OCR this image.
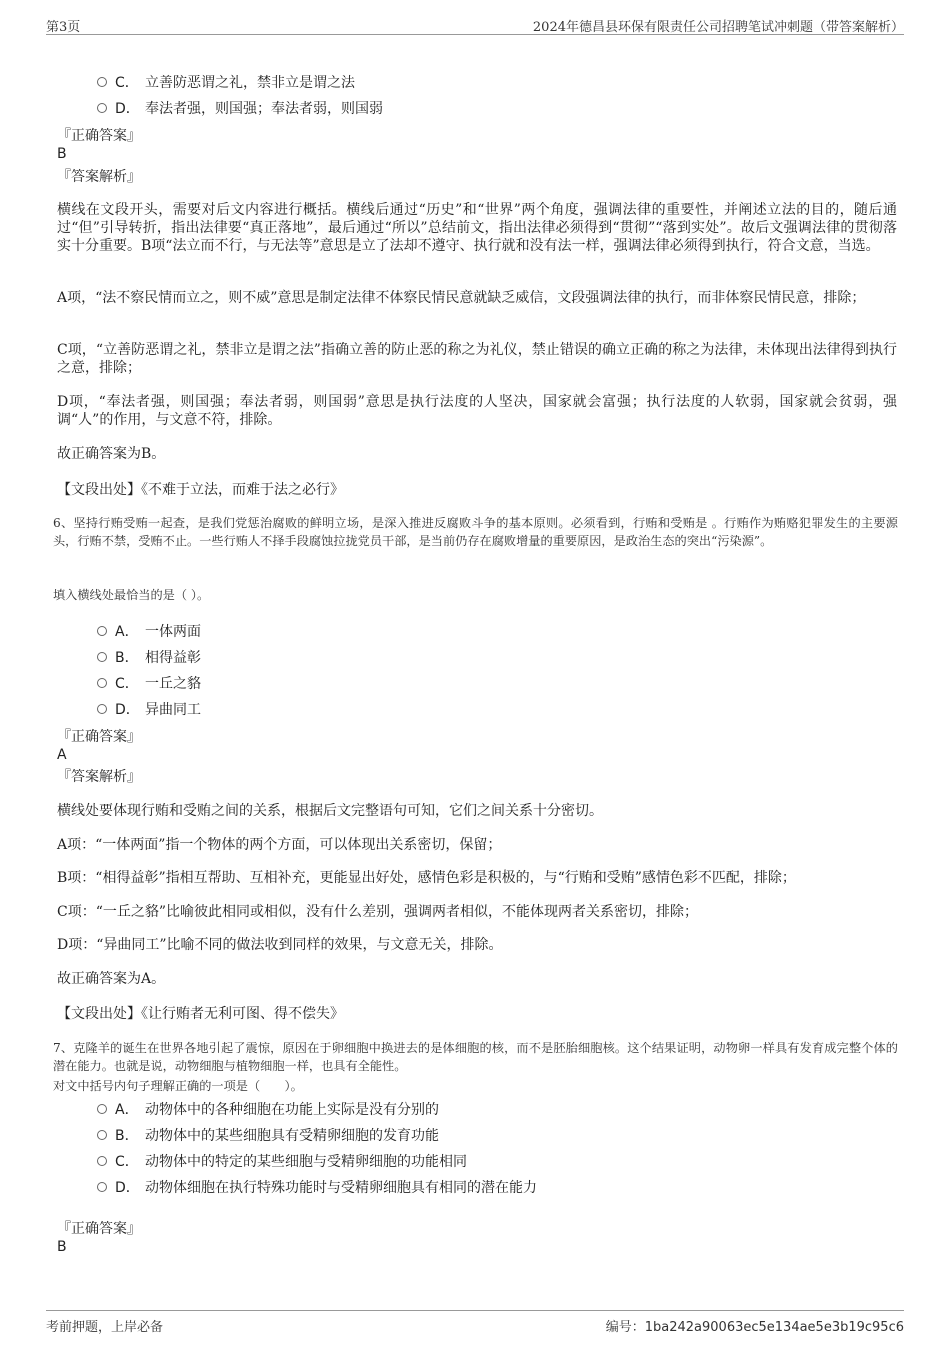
第3页	2024年德昌县环保有限责任公司招聘笔试冲刺题（带答案解析）
C． 立善防恶谓之礼，禁非立是谓之法
D． 奉法者强，则国强；奉法者弱，则国弱
『正确答案』
B
『答案解析』
横线在文段开头，需要对后文内容进行概括。横线后通过“历史”和“世界”两个角度，强调法律的重要性，并阐述立法的目的，随后通过“但”引导转折，指出法律要“真正落地”，最后通过“所以”总结前文，指出法律必须得到“贯彻”“落到实处”。故后文强调法律的贯彻落实十分重要。B项“法立而不行，与无法等”意思是立了法却不遵守、执行就和没有法一样，强调法律必须得到执行，符合文意，当选。
A项，“法不察民情而立之，则不威”意思是制定法律不体察民情民意就缺乏威信，文段强调法律的执行，而非体察民情民意，排除；
C项，“立善防恶谓之礼，禁非立是谓之法”指确立善的防止恶的称之为礼仪，禁止错误的确立正确的称之为法律，未体现出法律得到执行之意，排除；
D项，“奉法者强，则国强；奉法者弱，则国弱”意思是执行法度的人坚决，国家就会富强；执行法度的人软弱，国家就会贫弱，强调“人”的作用，与文意不符，排除。
故正确答案为B。
【文段出处】《不难于立法，而难于法之必行》
6、坚持行贿受贿一起查，是我们党惩治腐败的鲜明立场，是深入推进反腐败斗争的基本原则。必须看到，行贿和受贿是 。行贿作为贿赂犯罪发生的主要源头，行贿不禁，受贿不止。一些行贿人不择手段腐蚀拉拢党员干部，是当前仍存在腐败增量的重要原因，是政治生态的突出“污染源”。
填入横线处最恰当的是（ ）。
A． 一体两面
B． 相得益彰
C． 一丘之貉
D． 异曲同工
『正确答案』
A
『答案解析』
横线处要体现行贿和受贿之间的关系，根据后文完整语句可知，它们之间关系十分密切。
A项：“一体两面”指一个物体的两个方面，可以体现出关系密切，保留；
B项：“相得益彰”指相互帮助、互相补充，更能显出好处，感情色彩是积极的，与“行贿和受贿”感情色彩不匹配，排除；
C项：“一丘之貉”比喻彼此相同或相似，没有什么差别，强调两者相似，不能体现两者关系密切，排除；
D项：“异曲同工”比喻不同的做法收到同样的效果，与文意无关，排除。
故正确答案为A。
【文段出处】《让行贿者无利可图、得不偿失》
7、克隆羊的诞生在世界各地引起了震惊，原因在于卵细胞中换进去的是体细胞的核，而不是胚胎细胞核。这个结果证明，动物卵一样具有发育成完整个体的潜在能力。也就是说，动物细胞与植物细胞一样，也具有全能性。
对文中括号内句子理解正确的一项是（　　）。
A． 动物体中的各种细胞在功能上实际是没有分别的
B． 动物体中的某些细胞具有受精卵细胞的发育功能
C． 动物体中的特定的某些细胞与受精卵细胞的功能相同
D． 动物体细胞在执行特殊功能时与受精卵细胞具有相同的潜在能力
『正确答案』
B
考前押题，上岸必备	编号：1ba242a90063ec5e134ae5e3b19c95c6
